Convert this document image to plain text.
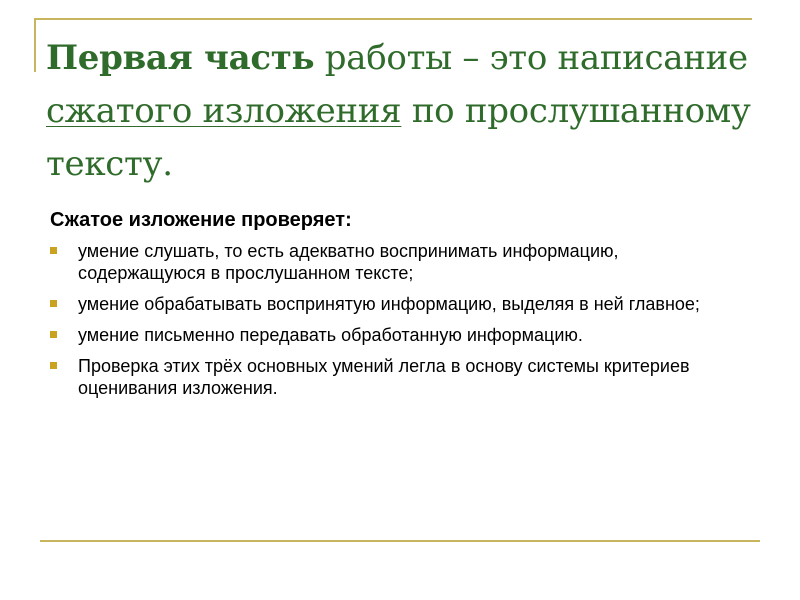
Первая часть работы – это написание сжатого изложения по прослушанному тексту.
Сжатое изложение проверяет:
умение слушать, то есть адекватно воспринимать информацию, содержащуюся в прослушанном тексте;
умение обрабатывать воспринятую информацию, выделяя в ней главное;
умение письменно передавать обработанную информацию.
Проверка этих трёх основных умений легла в основу системы критериев оценивания изложения.
